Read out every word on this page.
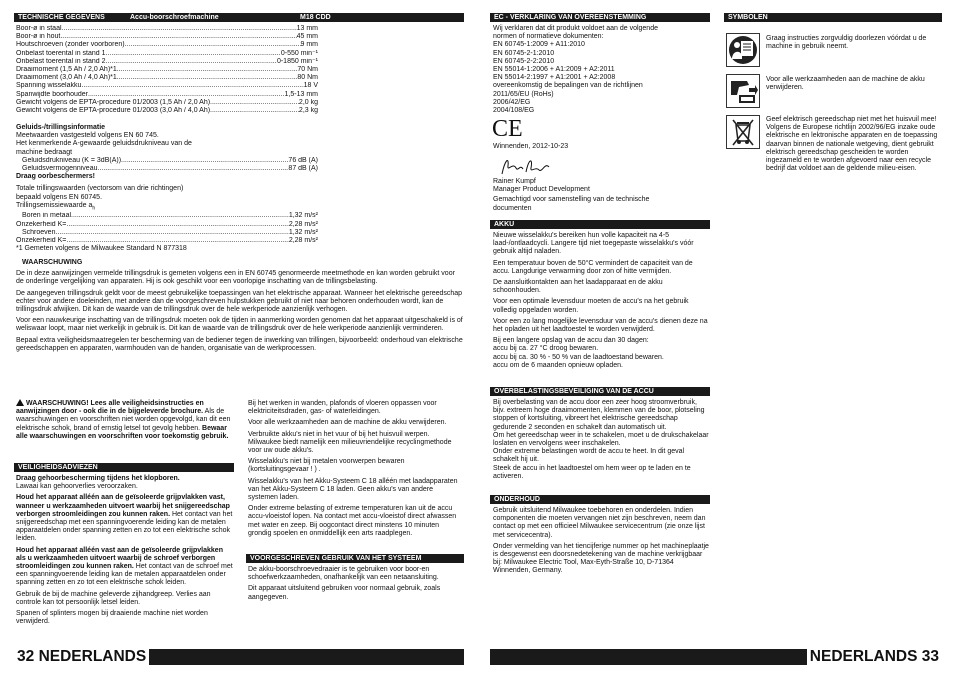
TECHNISCHE GEGEVENS	Accu-boorschroefmachine	M18 CDD
Boor-ø in staal .....	13 mm
Boor-ø in hout .....	45 mm
Houtschroeven (zonder voorboren) .....	9 mm
Onbelast toerental in stand 1 .....	0-550 min⁻¹
Onbelast toerental in stand 2 .....	0-1850 min⁻¹
Draaimoment (1,5 Ah / 2,0 Ah)*1 .....	70 Nm
Draaimoment (3,0 Ah / 4,0 Ah)*1 .....	80 Nm
Spanning wisselakku .....	18 V
Spanwijdte boorhouder .....	1,5-13 mm
Gewicht volgens de EPTA-procedure 01/2003 (1,5 Ah / 2,0 Ah) .....	2,0 kg
Gewicht volgens de EPTA-procedure 01/2003 (3,0 Ah / 4,0 Ah) .....	2,3 kg
Geluids-/trillingsinformatie
Meetwaarden vastgesteld volgens EN 60 745.
Het kenmerkende A-gewaarde geluidsdrukniveau van de
machine bedraagt
Geluidsdrukniveau (K = 3dB(A)) .....	76 dB (A)
Geluidsvermogenniveau .....	87 dB (A)
Draag oorbeschermers!
Totale trillingswaarden (vectorsom van drie richtingen)
bepaald volgens EN 60745.
Trillingsemissiewaarde $a_h$
Boren in metaal .....	1,32 m/s²
Onzekerheid K= .....	2,28 m/s²
Schroeven .....	1,32 m/s²
Onzekerheid K= .....	2,28 m/s²
*1 Gemeten volgens de Milwaukee Standard N 877318
WAARSCHUWING

De in deze aanwijzingen vermelde trillingsdruk is gemeten volgens een in EN 60745 genormeerde meetmethode en kan worden gebruikt voor de onderlinge vergelijking van apparaten. Hij is ook geschikt voor een voorlopige inschatting van de trillingsbelasting.

De aangegeven trillingsdruk geldt voor de meest gebruikelijke toepassingen van het elektrische apparaat. Wanneer het elektrische gereedschap echter voor andere doeleinden, met andere dan de voorgeschreven hulpstukken gebruikt of niet naar behoren onderhouden wordt, kan de trillingsdruk afwijken. Dit kan de waarde van de trillingsdruk over de hele werkperiode aanzienlijk verhogen.

Voor een nauwkeurige inschatting van de trillingsdruk moeten ook de tijden in aanmerking worden genomen dat het apparaat uitgeschakeld is of weliswaar loopt, maar niet werkelijk in gebruik is. Dit kan de waarde van de trillingsdruk over de hele werkperiode aanzienlijk verminderen.

Bepaal extra veiligheidsmaatregelen ter bescherming van de bediener tegen de inwerking van trillingen, bijvoorbeeld: onderhoud van elektrische gereedschappen en apparaten, warmhouden van de handen, organisatie van de werkprocessen.

WAARSCHUWING! Lees alle veiligheidsinstructies en aanwijzingen door - ook die in de bijgeleverde brochure. Als de waarschuwingen en voorschriften niet worden opgevolgd, kan dit een elektrische schok, brand of ernstig letsel tot gevolg hebben. Bewaar alle waarschuwingen en voorschriften voor toekomstig gebruik.

VEILIGHEIDSADVIEZEN

Draag gehoorbescherming tijdens het klopboren.
Lawaai kan gehoorverlies veroorzaken.

Houd het apparaat alléén aan de geïsoleerde grijpvlakken vast, wanneer u werkzaamheden uitvoert waarbij het snijgereedschap verborgen stroomleidingen zou kunnen raken. Het contact van het snijgereedschap met een spanningvoerende leiding kan de metalen apparaatdelen onder spanning zetten en zo tot een elektrische schok leiden.

Houd het apparaat alléén vast aan de geïsoleerde grijpvlakken als u werkzaamheden uitvoert waarbij de schroef verborgen stroomleidingen zou kunnen raken. Het contact van de schroef met een spanningvoerende leiding kan de metalen apparaatdelen onder spanning zetten en zo tot een elektrische schok leiden.

Gebruik de bij de machine geleverde zijhandgreep. Verlies aan controle kan tot persoonlijk letsel leiden.

Spanen of splinters mogen bij draaiende machine niet worden verwijderd.

Bij het werken in wanden, plafonds of vloeren oppassen voor elektriciteitsdraden, gas- of waterleidingen.

Voor alle werkzaamheden aan de machine de akku verwijderen.

Verbruikte akku's niet in het vuur of bij het huisvuil werpen. Milwaukee biedt namelijk een milieuvriendelijke recyclingmethode voor uw oude akku's.

Wisselakku's niet bij metalen voorwerpen bewaren (kortsluitingsgevaar ! ) .

Wisselakku's van het Akku-Systeem C 18 alléén met laadapparaten van het Akku-Systeem C 18 laden. Geen akku's van andere systemen laden.

Onder extreme belasting of extreme temperaturen kan uit de accu accu-vloeistof lopen. Na contact met accu-vloeistof direct afwassen met water en zeep. Bij oogcontact direct minstens 10 minuten grondig spoelen en onmiddellijk een arts raadplegen.

VOORGESCHREVEN GEBRUIK VAN HET SYSTEEM

De akku-boorschroevedraaier is te gebruiken voor boor-en schoefwerkzaamheden, onafhankelijk van een netaansluiting.

Dit apparaat uitsluitend gebruiken voor normaal gebruik, zoals aangegeven.

32 NEDERLANDS
EC - VERKLARING VAN OVEREENSTEMMING
Wij verklaren dat dit produkt voldoet aan de volgende
normen of normatieve dokumenten:
EN 60745-1:2009 + A11:2010
EN 60745-2-1:2010
EN 60745-2-2:2010
EN 55014-1:2006 + A1:2009 + A2:2011
EN 55014-2:1997 + A1:2001 + A2:2008
overeenkomstig de bepalingen van de richtlijnen
2011/65/EU (RoHs)
2006/42/EG
2004/108/EG
CE
Winnenden, 2012-10-23
Rainer Kumpf
Manager Product Development
Gemachtigd voor samenstelling van de technische
documenten
AKKU

Nieuwe wisselakku's bereiken hun volle kapaciteit na 4-5 laad-/ontlaadcycli. Langere tijd niet toegepaste wisselakku's vóór gebruik altijd naladen.

Een temperatuur boven de 50°C vermindert de capaciteit van de accu. Langdurige verwarming door zon of hitte vermijden.

De aansluitkontakten aan het laadapparaat en de akku schoonhouden.

Voor een optimale levensduur moeten de accu's na het gebruik volledig opgeladen worden.

Voor een zo lang mogelijke levensduur van de accu's dienen deze na het opladen uit het laadtoestel te worden verwijderd.

Bij een langere opslag van de accu dan 30 dagen:
accu bij ca. 27 °C droog bewaren.
accu bij ca. 30 % - 50 % van de laadtoestand bewaren.
accu om de 6 maanden opnieuw opladen.

OVERBELASTINGSBEVEILIGING VAN DE ACCU

Bij overbelasting van de accu door een zeer hoog stroomverbruik, bijv. extreem hoge draaimomenten, klemmen van de boor, plotseling stoppen of kortsluiting, vibreert het elektrische gereedschap gedurende 2 seconden en schakelt dan automatisch uit.
Om het gereedschap weer in te schakelen, moet u de drukschakelaar loslaten en vervolgens weer inschakelen.
Onder extreme belastingen wordt de accu te heet. In dit geval schakelt hij uit.
Steek de accu in het laadtoestel om hem weer op te laden en te activeren.

ONDERHOUD

Gebruik uitsluitend Milwaukee toebehoren en onderdelen. Indien componenten die moeten vervangen niet zijn beschreven, neem dan contact op met een officieel Milwaukee servicecentrum (zie onze lijst met servicecentra).

Onder vermelding van het tiencijferige nummer op het machineplaatje is desgewenst een doorsnedetekening van de machine verkrijgbaar bij: Milwaukee Electric Tool, Max-Eyth-Straße 10, D-71364 Winnenden, Germany.

SYMBOLEN
Graag instructies zorgvuldig doorlezen vóórdat u de machine in gebruik neemt.
Voor alle werkzaamheden aan de machine de akku verwijderen.
Geef elektrisch gereedschap niet met het huisvuil mee! Volgens de Europese richtlijn 2002/96/EG inzake oude elektrische en lektronische apparaten en de toepassing daarvan binnen de nationale wetgeving, dient gebruikt elektrisch gereedschap gescheiden te worden ingezameld en te worden afgevoerd naar een recycle bedrijf dat voldoet aan de geldende milieu-eisen.
NEDERLANDS 33
